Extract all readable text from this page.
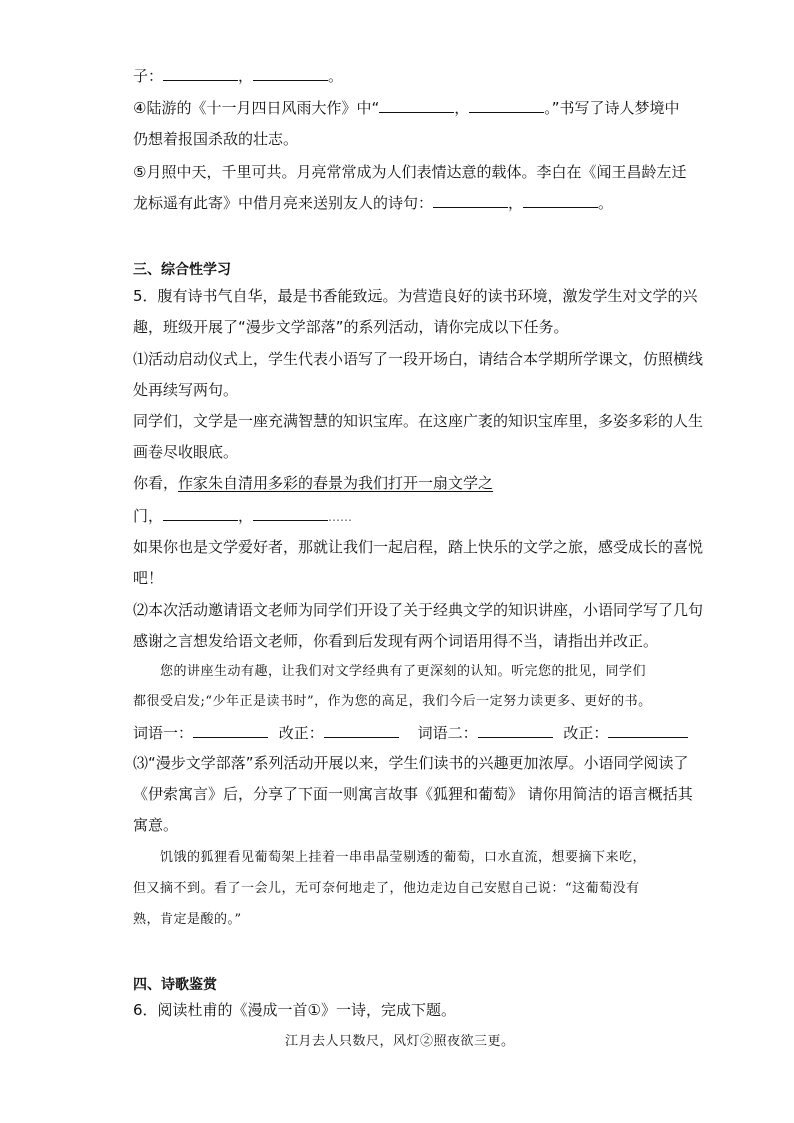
子：	，	。
④陆游的《十一月四日风雨大作》中“	，	。”书写了诗人梦境中
仍想着报国杀敌的壮志。
⑤月照中天，千里可共。月亮常常成为人们表情达意的载体。李白在《闻王昌龄左迁
龙标遥有此寄》中借月亮来送别友人的诗句：	，	。
三、综合性学习
5．腹有诗书气自华，最是书香能致远。为营造良好的读书环境，激发学生对文学的兴
趣，班级开展了“漫步文学部落”的系列活动，请你完成以下任务。
⑴活动启动仪式上，学生代表小语写了一段开场白，请结合本学期所学课文，仿照横线
处再续写两句。
同学们，文学是一座充满智慧的知识宝库。在这座广袤的知识宝库里，多姿多彩的人生
画卷尽收眼底。
你看，作家朱自清用多彩的春景为我们打开一扇文学之
门，	，	……
如果你也是文学爱好者，那就让我们一起启程，踏上快乐的文学之旅，感受成长的喜悦
吧！
⑵本次活动邀请语文老师为同学们开设了关于经典文学的知识讲座，小语同学写了几句
感谢之言想发给语文老师，你看到后发现有两个词语用得不当，请指出并改正。
您的讲座生动有趣，让我们对文学经典有了更深刻的认知。听完您的批见，同学们
都很受启发;“少年正是读书时”，作为您的高足，我们今后一定努力读更多、更好的书。
词语一：	改正：	词语二：	改正：
⑶“漫步文学部落”系列活动开展以来，学生们读书的兴趣更加浓厚。小语同学阅读了
《伊索寓言》后，分享了下面一则寓言故事《狐狸和葡萄》 请你用简洁的语言概括其
寓意。
饥饿的狐狸看见葡萄架上挂着一串串晶莹剔透的葡萄，口水直流，想要摘下来吃，
但又摘不到。看了一会儿，无可奈何地走了，他边走边自己安慰自己说：“这葡萄没有
熟，肯定是酸的。”
四、诗歌鉴赏
6．阅读杜甫的《漫成一首①》一诗，完成下题。
江月去人只数尺，风灯②照夜欲三更。
